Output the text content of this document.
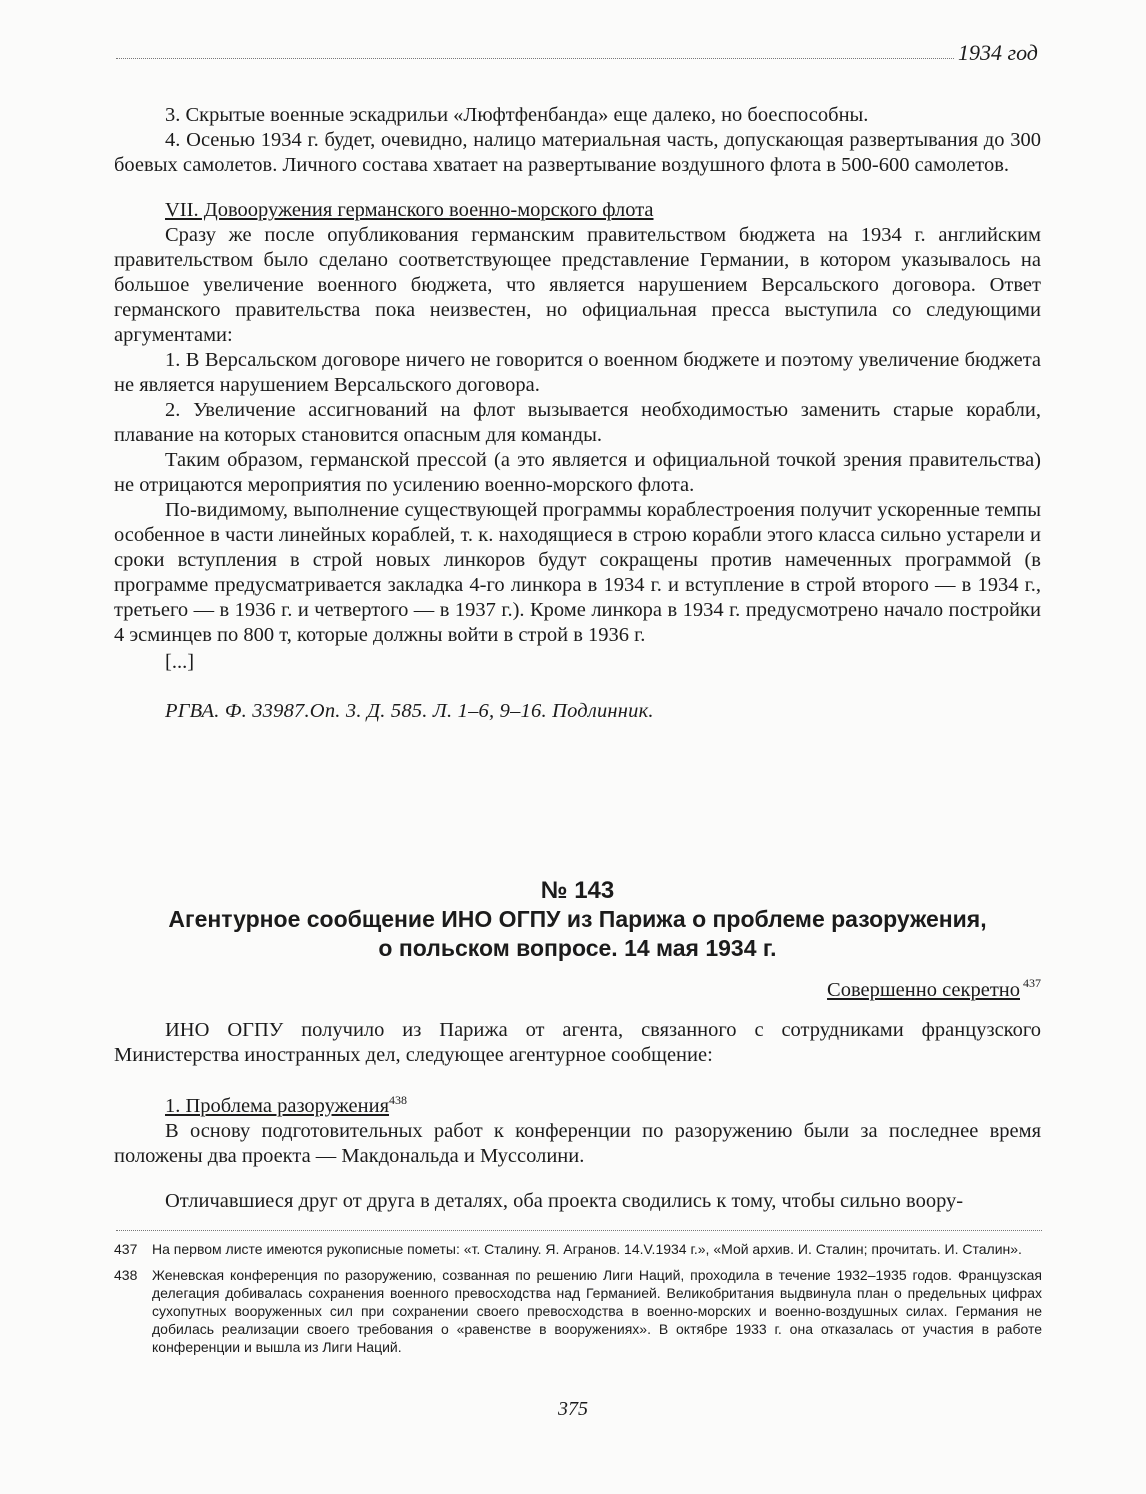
1934 год

3. Скрытые военные эскадрильи «Люфтфенбанда» еще далеко, но боеспособны.

4. Осенью 1934 г. будет, очевидно, налицо материальная часть, допускающая развертывания до 300 боевых самолетов. Личного состава хватает на развертывание воздушного флота в 500-600 самолетов.

VII. Довооружения германского военно-морского флота

Сразу же после опубликования германским правительством бюджета на 1934 г. английским правительством было сделано соответствующее представление Германии, в котором указывалось на большое увеличение военного бюджета, что является нарушением Версальского договора. Ответ германского правительства пока неизвестен, но официальная пресса выступила со следующими аргументами:

1. В Версальском договоре ничего не говорится о военном бюджете и поэтому увеличение бюджета не является нарушением Версальского договора.

2. Увеличение ассигнований на флот вызывается необходимостью заменить старые корабли, плавание на которых становится опасным для команды.

Таким образом, германской прессой (а это является и официальной точкой зрения правительства) не отрицаются мероприятия по усилению военно-морского флота.

По-видимому, выполнение существующей программы кораблестроения получит ускоренные темпы особенное в части линейных кораблей, т. к. находящиеся в строю корабли этого класса сильно устарели и сроки вступления в строй новых линкоров будут сокращены против намеченных программой (в программе предусматривается закладка 4-го линкора в 1934 г. и вступление в строй второго — в 1934 г., третьего — в 1936 г. и четвертого — в 1937 г.). Кроме линкора в 1934 г. предусмотрено начало постройки 4 эсминцев по 800 т, которые должны войти в строй в 1936 г.

[...]

РГВА. Ф. 33987.Оп. 3. Д. 585. Л. 1–6, 9–16. Подлинник.

№ 143
Агентурное сообщение ИНО ОГПУ из Парижа о проблеме разоружения,
о польском вопросе. 14 мая 1934 г.
Совершенно секретно $^{437}$

ИНО ОГПУ получило из Парижа от агента, связанного с сотрудниками французского Министерства иностранных дел, следующее агентурное сообщение:

1. Проблема разоружения$^{438}$

В основу подготовительных работ к конференции по разоружению были за последнее время положены два проекта — Макдональда и Муссолини.

Отличавшиеся друг от друга в деталях, оба проекта сводились к тому, чтобы сильно воору-

437	На первом листе имеются рукописные пометы: «т. Сталину. Я. Агранов. 14.V.1934 г.», «Мой архив. И. Сталин; прочитать. И. Сталин».
438	Женевская конференция по разоружению, созванная по решению Лиги Наций, проходила в течение 1932–1935 годов. Французская делегация добивалась сохранения военного превосходства над Германией. Великобритания выдвинула план о предельных цифрах сухопутных вооруженных сил при сохранении своего превосходства в военно-морских и военно-воздушных силах. Германия не добилась реализации своего требования о «равенстве в вооружениях». В октябре 1933 г. она отказалась от участия в работе конференции и вышла из Лиги Наций.
375
